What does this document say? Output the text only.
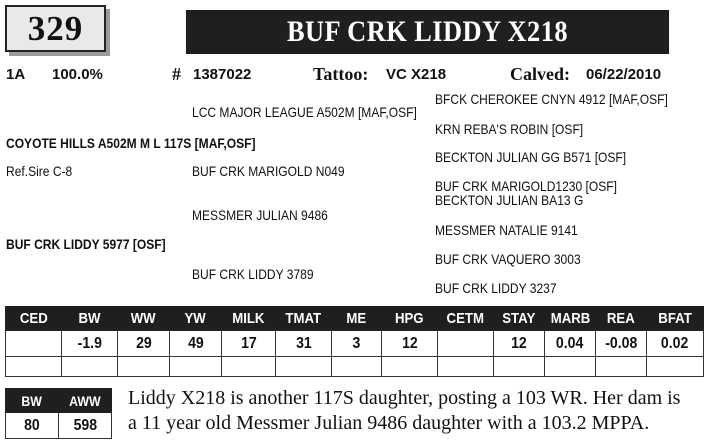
329	BUF CRK LIDDY X218
1A 100.0%	# 1387022	Tattoo: VC X218	Calved: 06/22/2010
LCC MAJOR LEAGUE A502M [MAF,OSF]
BFCK CHEROKEE CNYN 4912 [MAF,OSF]
KRN REBA'S ROBIN [OSF]
COYOTE HILLS A502M M L 117S [MAF,OSF]
BECKTON JULIAN GG B571 [OSF]
Ref.Sire C-8	BUF CRK MARIGOLD N049
BUF CRK MARIGOLD1230 [OSF]
BECKTON JULIAN BA13 G
MESSMER JULIAN 9486
MESSMER NATALIE 9141
BUF CRK LIDDY 5977 [OSF]
BUF CRK VAQUERO 3003
BUF CRK LIDDY 3789
BUF CRK LIDDY 3237
CED	BW	WW	YW	MILK	TMAT	ME	HPG	CETM	STAY	MARB	REA	BFAT
	-1.9	29	49	17	31	3	12		12	0.04	-0.08	0.02

BW	AWW
80	598
Liddy X218 is another 117S daughter, posting a 103 WR. Her dam is
a 11 year old Messmer Julian 9486 daughter with a 103.2 MPPA.
